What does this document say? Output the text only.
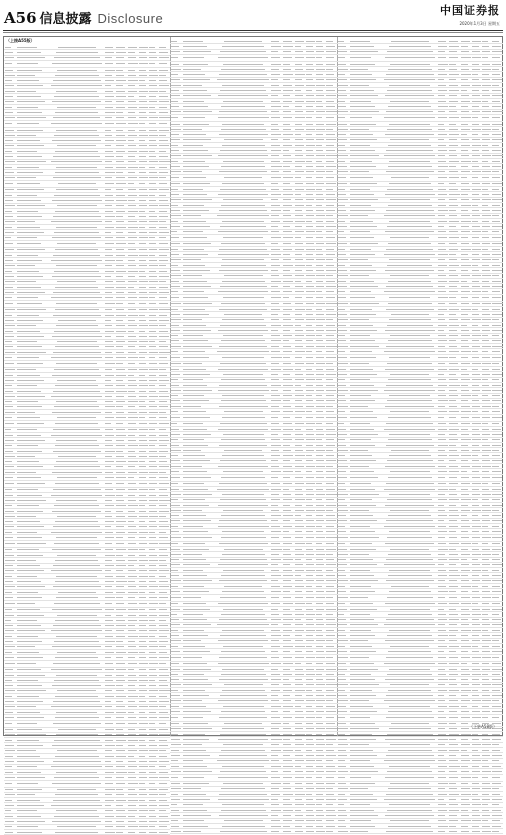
A56 信息披露 Disclosure
中国证券报
2020年1月3日 星期五
（上接A55版）
（下转A58版）
